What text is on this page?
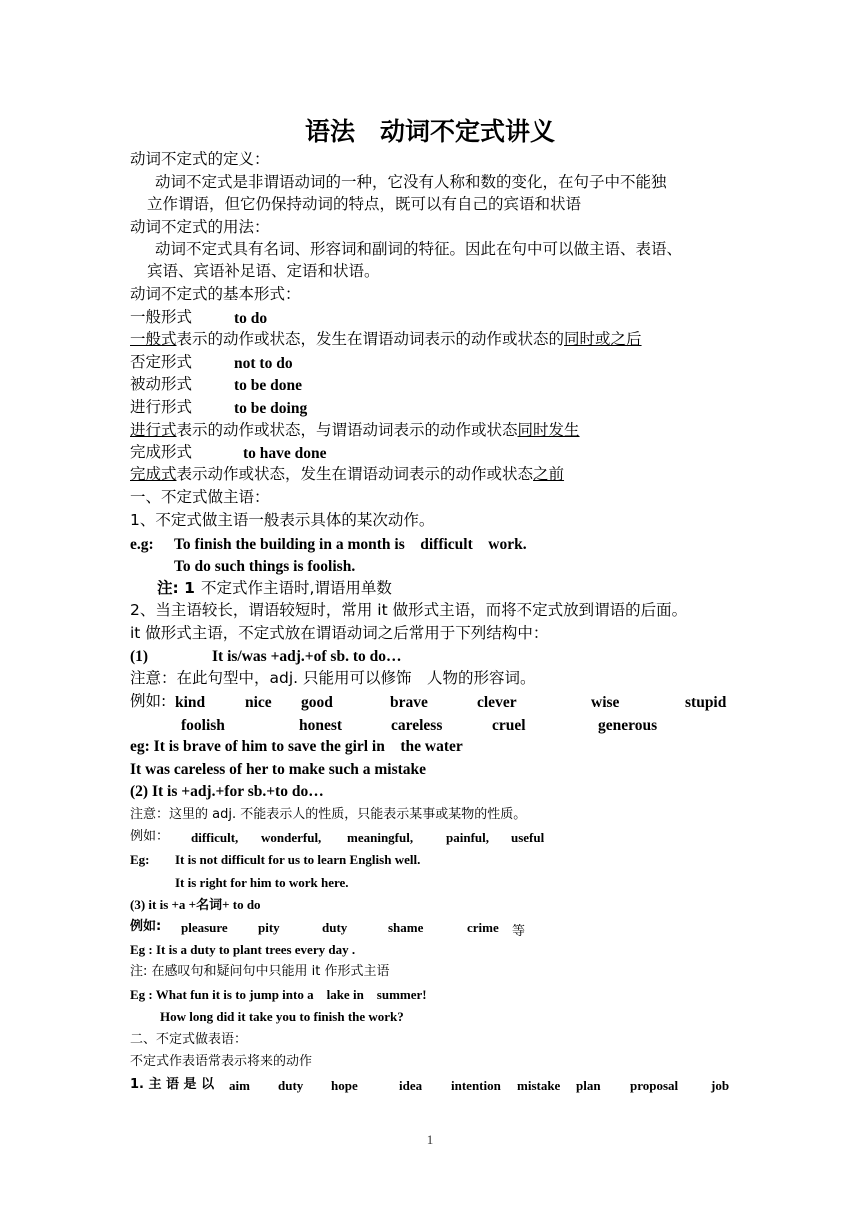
语法　动词不定式讲义
动词不定式的定义：
动词不定式是非谓语动词的一种，它没有人称和数的变化，在句子中不能独
立作谓语，但它仍保持动词的特点，既可以有自己的宾语和状语
动词不定式的用法：
动词不定式具有名词、形容词和副词的特征。因此在句中可以做主语、表语、
宾语、宾语补足语、定语和状语。
动词不定式的基本形式：
一般形式	to do
一般式表示的动作或状态，发生在谓语动词表示的动作或状态的同时或之后
否定形式	not to do
被动形式	to be done
进行形式	to be doing
进行式表示的动作或状态，与谓语动词表示的动作或状态同时发生
完成形式	to have done
完成式表示动作或状态，发生在谓语动词表示的动作或状态之前
一、不定式做主语：
1、不定式做主语一般表示具体的某次动作。
e.g: To finish the building in a month is　difficult　work.
To do such things is foolish.
注: 1 不定式作主语时,谓语用单数
2、当主语较长，谓语较短时，常用 it 做形式主语，而将不定式放到谓语的后面。
it 做形式主语，不定式放在谓语动词之后常用于下列结构中：
(1)	It is/was +adj.+of sb. to do…
注意：在此句型中，adj. 只能用可以修饰　人物的形容词。
例如: kind	nice good	brave	clever	wise	stupid
foolish	honest	careless	cruel	generous
eg: It is brave of him to save the girl in　the water
It was careless of her to make such a mistake
(2) It is +adj.+for sb.+to do…
注意：这里的 adj. 不能表示人的性质，只能表示某事或某物的性质。
例如： difficult, wonderful, meaningful,	painful, useful
Eg: It is not difficult for us to learn English well.
It is right for him to work here.
(3) it is +a +名词+ to do
例如: pleasure pity	duty	shame	crime 等
Eg : It is a duty to plant trees every day .
注: 在感叹句和疑问句中只能用 it 作形式主语
Eg : What fun it is to jump into a　lake in　summer!
How long did it take you to finish the work?
二、不定式做表语：
不定式作表语常表示将来的动作
1. 主 语 是 以 aim duty hope	idea intention mistake plan proposal	job
1
